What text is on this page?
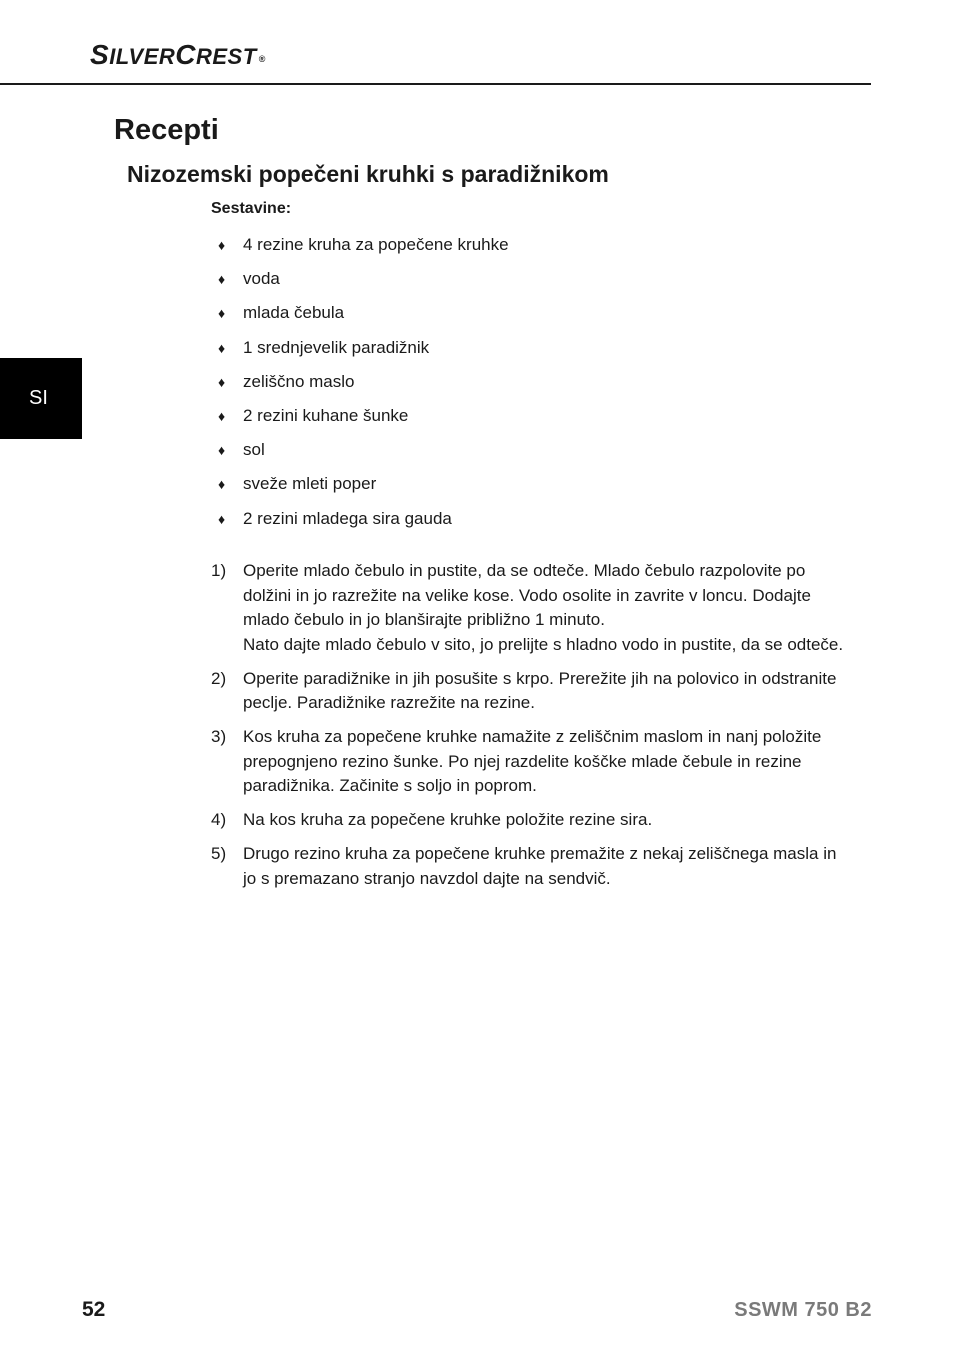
SILVERCREST ®
Recepti
Nizozemski popečeni kruhki s paradižnikom
Sestavine:
♦	4 rezine kruha za popečene kruhke
♦	voda
♦	mlada čebula
♦	1 srednjevelik paradižnik
♦	zeliščno maslo
♦	2 rezini kuhane šunke
♦	sol
♦	sveže mleti poper
♦	2 rezini mladega sira gauda
1) Operite mlado čebulo in pustite, da se odteče. Mlado čebulo razpolovite po dolžini in jo razrežite na velike kose. Vodo osolite in zavrite v loncu. Dodajte mlado čebulo in jo blanširajte približno 1 minuto.
Nato dajte mlado čebulo v sito, jo prelijte s hladno vodo in pustite, da se odteče.
2) Operite paradižnike in jih posušite s krpo. Prerežite jih na polovico in odstranite peclje. Paradižnike razrežite na rezine.
3) Kos kruha za popečene kruhke namažite z zeliščnim maslom in nanj položite prepognjeno rezino šunke. Po njej razdelite koščke mlade čebule in rezine paradižnika. Začinite s soljo in poprom.
4) Na kos kruha za popečene kruhke položite rezine sira.
5) Drugo rezino kruha za popečene kruhke premažite z nekaj zeliščnega masla in jo s premazano stranjo navzdol dajte na sendvič.
SI
52	SSWM 750 B2
